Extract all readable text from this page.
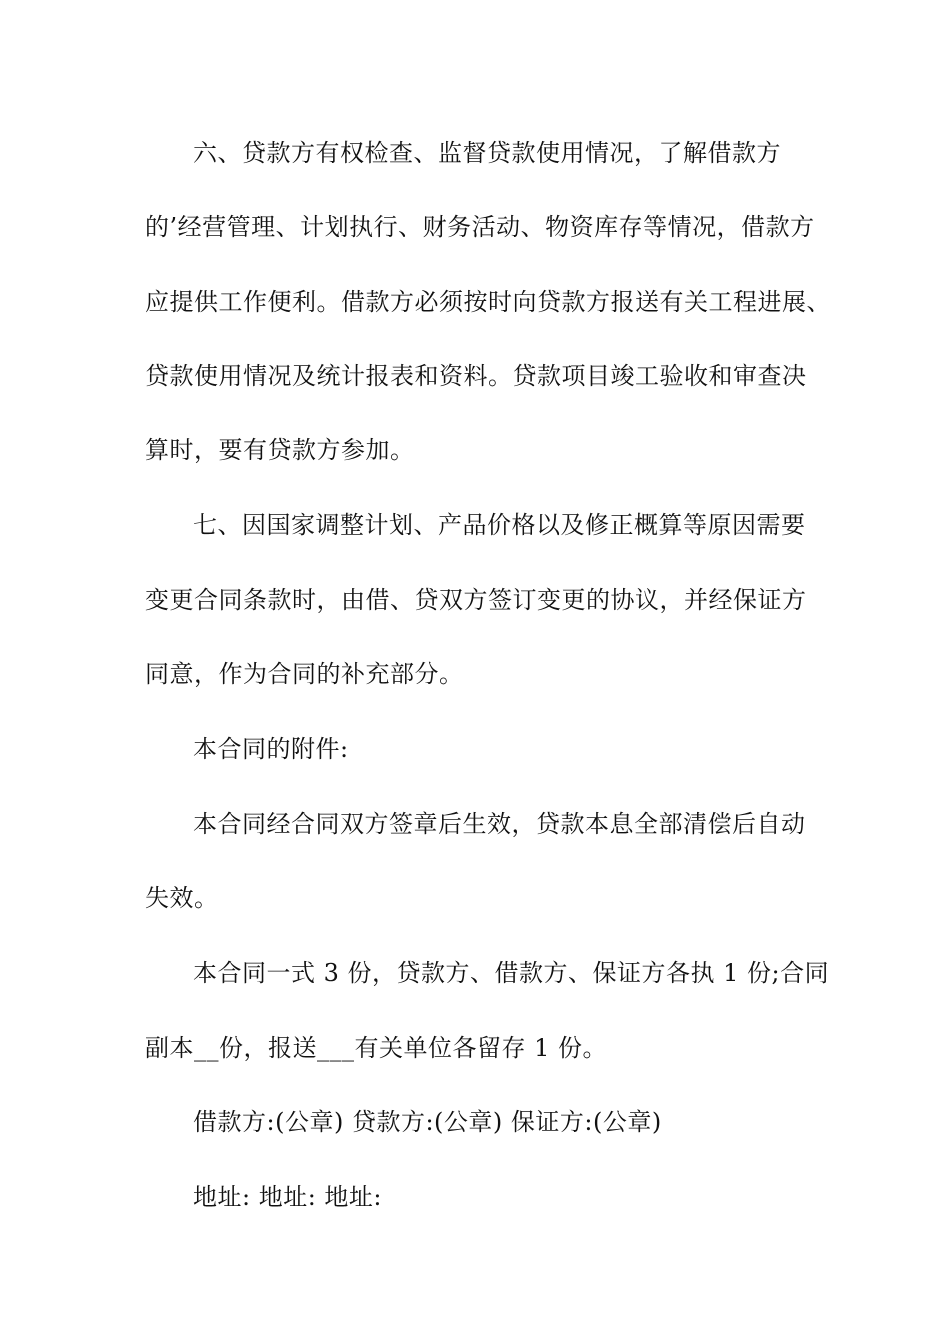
六、贷款方有权检查、监督贷款使用情况，了解借款方
的’经营管理、计划执行、财务活动、物资库存等情况，借款方
应提供工作便利。借款方必须按时向贷款方报送有关工程进展、
贷款使用情况及统计报表和资料。贷款项目竣工验收和审查决
算时，要有贷款方参加。
七、因国家调整计划、产品价格以及修正概算等原因需要
变更合同条款时，由借、贷双方签订变更的协议，并经保证方
同意，作为合同的补充部分。
本合同的附件:
本合同经合同双方签章后生效，贷款本息全部清偿后自动
失效。
本合同一式 3 份，贷款方、借款方、保证方各执 1 份;合同
副本__份，报送___有关单位各留存 1 份。
借款方:(公章) 贷款方:(公章) 保证方:(公章)
地址: 地址: 地址:
